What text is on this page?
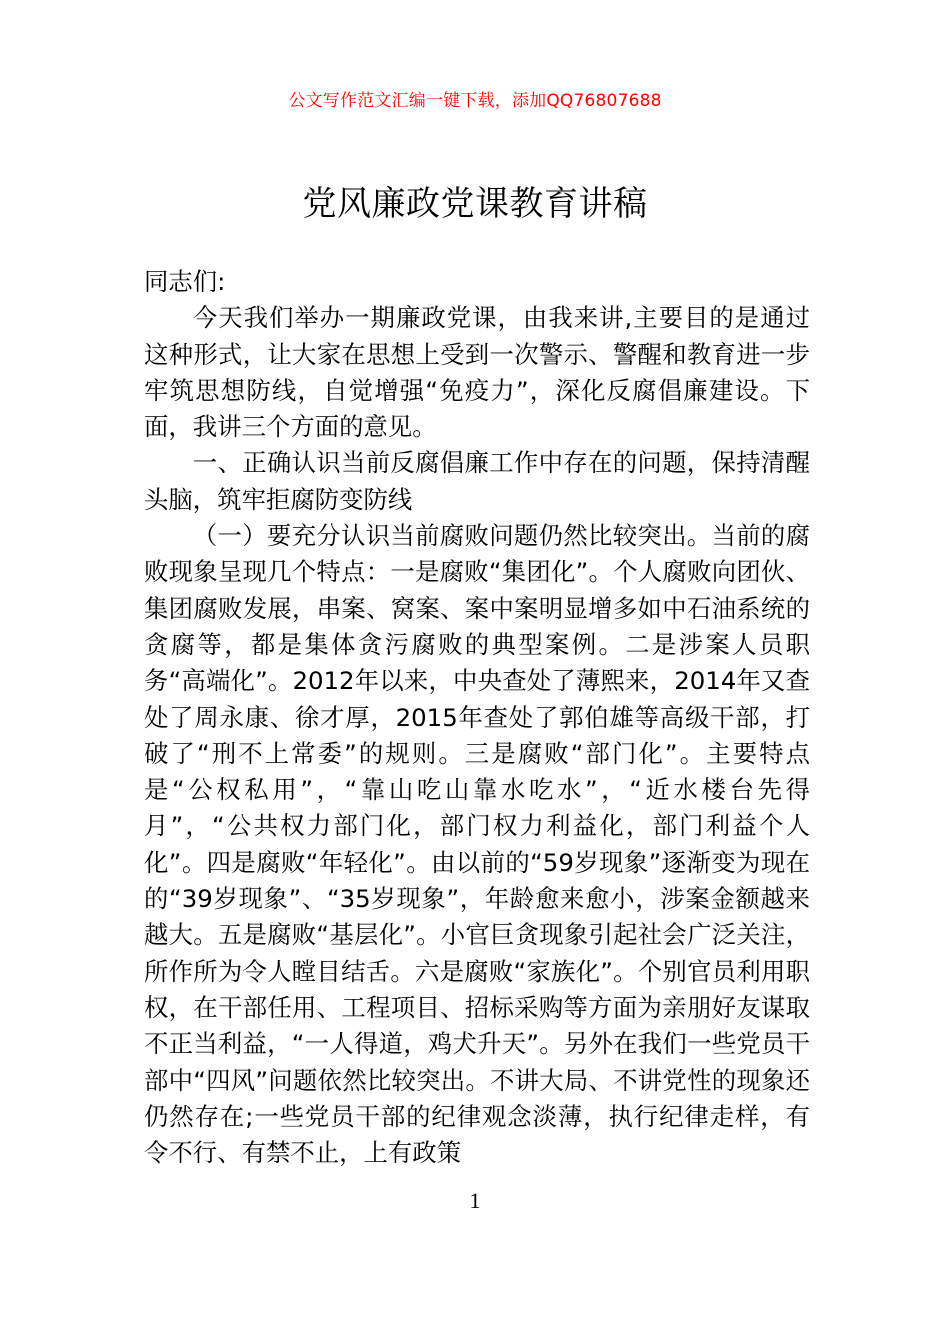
公文写作范文汇编一键下载，添加QQ76807688
党风廉政党课教育讲稿

同志们:

今天我们举办一期廉政党课，由我来讲,主要目的是通过这种形式，让大家在思想上受到一次警示、警醒和教育进一步牢筑思想防线，自觉增强“免疫力”，深化反腐倡廉建设。下面，我讲三个方面的意见。

一、正确认识当前反腐倡廉工作中存在的问题，保持清醒头脑，筑牢拒腐防变防线

（一）要充分认识当前腐败问题仍然比较突出。当前的腐败现象呈现几个特点：一是腐败“集团化”。个人腐败向团伙、集团腐败发展，串案、窝案、案中案明显增多如中石油系统的贪腐等，都是集体贪污腐败的典型案例。二是涉案人员职务“高端化”。2012年以来，中央查处了薄熙来，2014年又查处了周永康、徐才厚，2015年查处了郭伯雄等高级干部，打破了“刑不上常委”的规则。三是腐败“部门化”。主要特点是“公权私用”，“靠山吃山靠水吃水”，“近水楼台先得月”，“公共权力部门化，部门权力利益化，部门利益个人化”。四是腐败“年轻化”。由以前的“59岁现象”逐渐变为现在的“39岁现象”、“35岁现象”，年龄愈来愈小，涉案金额越来越大。五是腐败“基层化”。小官巨贪现象引起社会广泛关注，所作所为令人瞠目结舌。六是腐败“家族化”。个别官员利用职权，在干部任用、工程项目、招标采购等方面为亲朋好友谋取不正当利益，“一人得道，鸡犬升天”。另外在我们一些党员干部中“四风”问题依然比较突出。不讲大局、不讲党性的现象还仍然存在;一些党员干部的纪律观念淡薄，执行纪律走样，有令不行、有禁不止，上有政策

1
